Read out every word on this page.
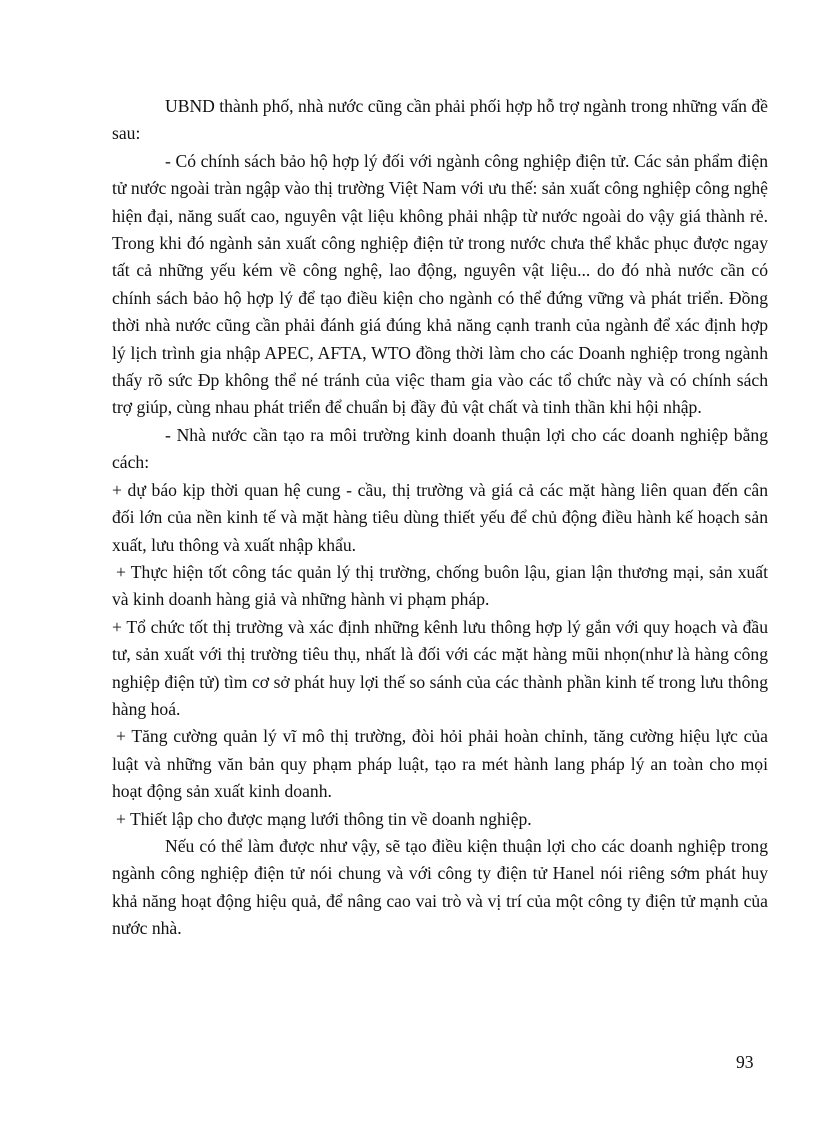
UBND thành phố, nhà nước cũng cần phải phối hợp hỗ trợ ngành trong những vấn đề sau:

- Có chính sách bảo hộ hợp lý đối với ngành công nghiệp điện tử. Các sản phẩm điện tử nước ngoài tràn ngập vào thị trường Việt Nam với ưu thế: sản xuất công nghiệp công nghệ hiện đại, năng suất cao, nguyên vật liệu không phải nhập từ nước ngoài do vậy giá thành rẻ. Trong khi đó ngành sản xuất công nghiệp điện tử trong nước chưa thể khắc phục được ngay tất cả những yếu kém về công nghệ, lao động, nguyên vật liệu... do đó nhà nước cần có chính sách bảo hộ hợp lý để tạo điều kiện cho ngành có thể đứng vững và phát triển. Đồng thời nhà nước cũng cần phải đánh giá đúng khả năng cạnh tranh của ngành để xác định hợp lý lịch trình gia nhập APEC, AFTA, WTO đồng thời làm cho các Doanh nghiệp trong ngành thấy rõ sức Ðp không thể né tránh của việc tham gia vào các tổ chức này và có chính sách trợ giúp, cùng nhau phát triển để chuẩn bị đầy đủ vật chất và tinh thần khi hội nhập.

- Nhà nước cần tạo ra môi trường kinh doanh thuận lợi cho các doanh nghiệp bằng cách:

+ dự báo kịp thời quan hệ cung - cầu, thị trường và giá cả các mặt hàng liên quan đến cân đối lớn của nền kinh tế và mặt hàng tiêu dùng thiết yếu để chủ động điều hành kế hoạch sản xuất, lưu thông và xuất nhập khẩu.

+ Thực hiện tốt công tác quản lý thị trường, chống buôn lậu, gian lận thương mại, sản xuất và kinh doanh hàng giả và những hành vi phạm pháp.

+ Tổ chức tốt thị trường và xác định những kênh lưu thông hợp lý gắn với quy hoạch và đầu tư, sản xuất với thị trường tiêu thụ, nhất là đối với các mặt hàng mũi nhọn(như là hàng công nghiệp điện tử) tìm cơ sở phát huy lợi thế so sánh của các thành phần kinh tế trong lưu thông hàng hoá.

+ Tăng cường quản lý vĩ mô thị trường, đòi hỏi phải hoàn chỉnh, tăng cường hiệu lực của luật và những văn bản quy phạm pháp luật, tạo ra mét hành lang pháp lý an toàn cho mọi hoạt động sản xuất kinh doanh.

+ Thiết lập cho được mạng lưới thông tin về doanh nghiệp.

Nếu có thể làm được như vậy, sẽ tạo điều kiện thuận lợi cho các doanh nghiệp trong ngành công nghiệp điện tử nói chung và với công ty điện tử Hanel nói riêng sớm phát huy khả năng hoạt động hiệu quả, để nâng cao vai trò và vị trí của một công ty điện tử mạnh của nước nhà.

93
